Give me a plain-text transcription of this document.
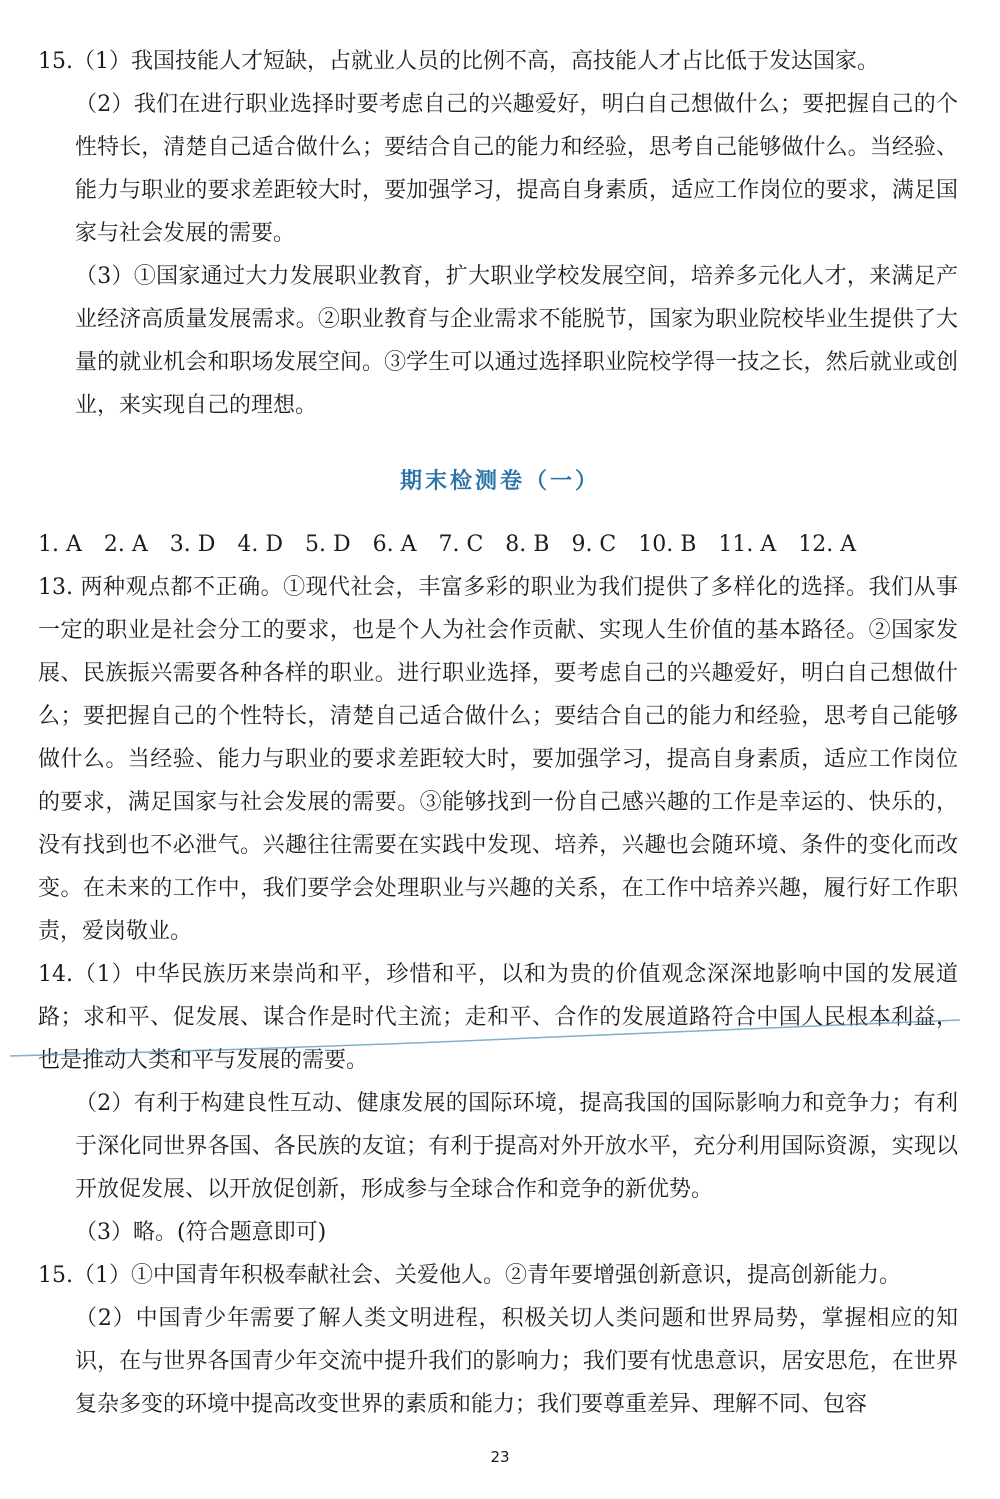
15.（1）我国技能人才短缺，占就业人员的比例不高，高技能人才占比低于发达国家。

（2）我们在进行职业选择时要考虑自己的兴趣爱好，明白自己想做什么；要把握自己的个性特长，清楚自己适合做什么；要结合自己的能力和经验，思考自己能够做什么。当经验、能力与职业的要求差距较大时，要加强学习，提高自身素质，适应工作岗位的要求，满足国家与社会发展的需要。

（3）①国家通过大力发展职业教育，扩大职业学校发展空间，培养多元化人才，来满足产业经济高质量发展需求。②职业教育与企业需求不能脱节，国家为职业院校毕业生提供了大量的就业机会和职场发展空间。③学生可以通过选择职业院校学得一技之长，然后就业或创业，来实现自己的理想。

期末检测卷（一）

1. A　2. A　3. D　4. D　5. D　6. A　7. C　8. B　9. C　10. B　11. A　12. A

13. 两种观点都不正确。①现代社会，丰富多彩的职业为我们提供了多样化的选择。我们从事一定的职业是社会分工的要求，也是个人为社会作贡献、实现人生价值的基本路径。②国家发展、民族振兴需要各种各样的职业。进行职业选择，要考虑自己的兴趣爱好，明白自己想做什么；要把握自己的个性特长，清楚自己适合做什么；要结合自己的能力和经验，思考自己能够做什么。当经验、能力与职业的要求差距较大时，要加强学习，提高自身素质，适应工作岗位的要求，满足国家与社会发展的需要。③能够找到一份自己感兴趣的工作是幸运的、快乐的，没有找到也不必泄气。兴趣往往需要在实践中发现、培养，兴趣也会随环境、条件的变化而改变。在未来的工作中，我们要学会处理职业与兴趣的关系，在工作中培养兴趣，履行好工作职责，爱岗敬业。

14.（1）中华民族历来崇尚和平，珍惜和平，以和为贵的价值观念深深地影响中国的发展道路；求和平、促发展、谋合作是时代主流；走和平、合作的发展道路符合中国人民根本利益，也是推动人类和平与发展的需要。

（2）有利于构建良性互动、健康发展的国际环境，提高我国的国际影响力和竞争力；有利于深化同世界各国、各民族的友谊；有利于提高对外开放水平，充分利用国际资源，实现以开放促发展、以开放促创新，形成参与全球合作和竞争的新优势。

（3）略。(符合题意即可)

15.（1）①中国青年积极奉献社会、关爱他人。②青年要增强创新意识，提高创新能力。

（2）中国青少年需要了解人类文明进程，积极关切人类问题和世界局势，掌握相应的知识，在与世界各国青少年交流中提升我们的影响力；我们要有忧患意识，居安思危，在世界复杂多变的环境中提高改变世界的素质和能力；我们要尊重差异、理解不同、包容

23
